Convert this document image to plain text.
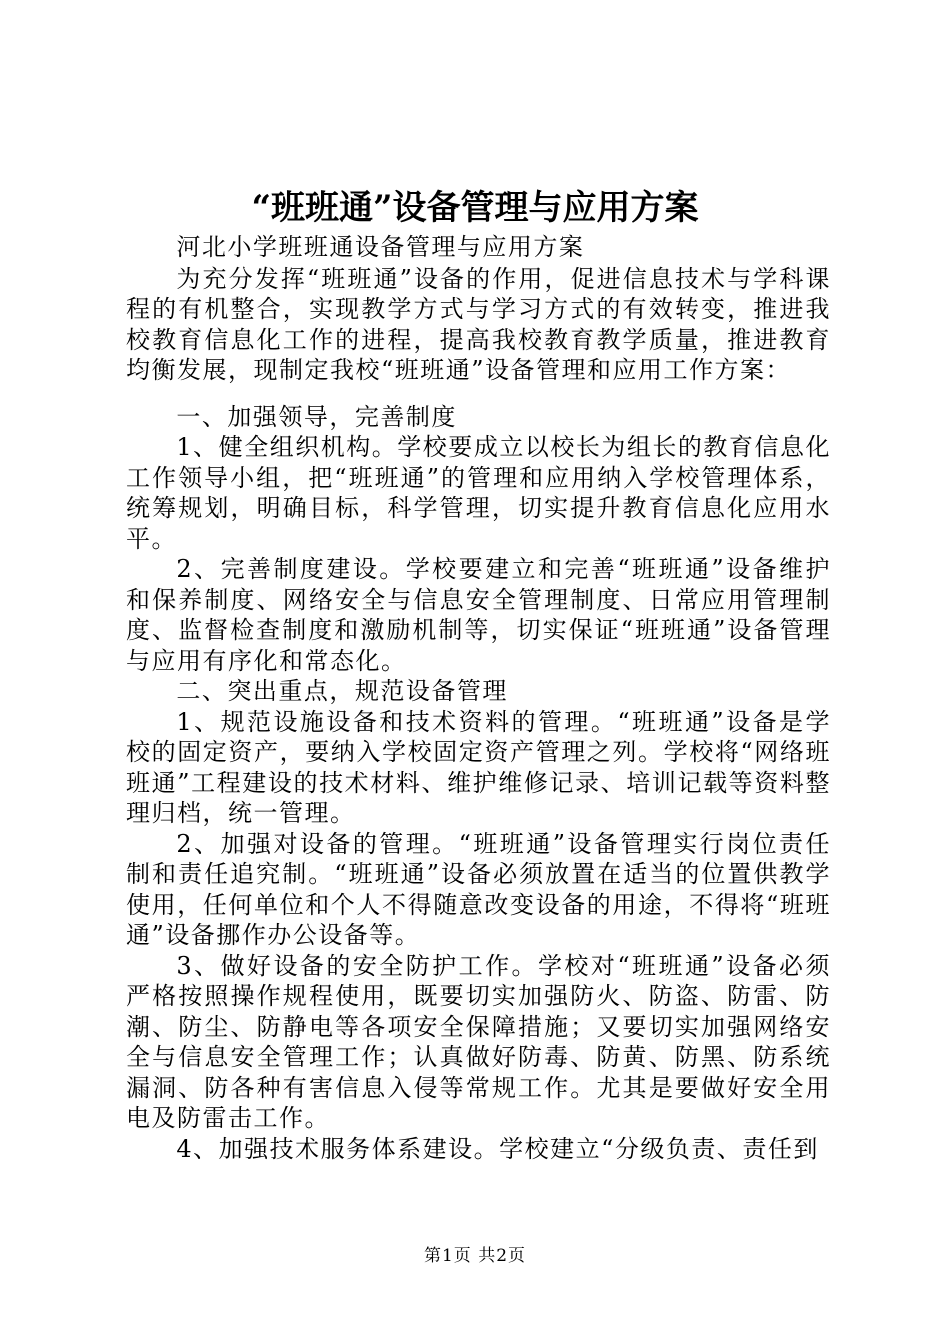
“班班通”设备管理与应用方案

河北小学班班通设备管理与应用方案

为充分发挥“班班通”设备的作用，促进信息技术与学科课程的有机整合，实现教学方式与学习方式的有效转变，推进我校教育信息化工作的进程，提高我校教育教学质量，推进教育均衡发展，现制定我校“班班通”设备管理和应用工作方案：

一、加强领导，完善制度

1、健全组织机构。学校要成立以校长为组长的教育信息化工作领导小组，把“班班通”的管理和应用纳入学校管理体系，统筹规划，明确目标，科学管理，切实提升教育信息化应用水平。

2、完善制度建设。学校要建立和完善“班班通”设备维护和保养制度、网络安全与信息安全管理制度、日常应用管理制度、监督检查制度和激励机制等，切实保证“班班通”设备管理与应用有序化和常态化。

二、突出重点，规范设备管理

1、规范设施设备和技术资料的管理。“班班通”设备是学校的固定资产，要纳入学校固定资产管理之列。学校将“网络班班通”工程建设的技术材料、维护维修记录、培训记载等资料整理归档，统一管理。

2、加强对设备的管理。“班班通”设备管理实行岗位责任制和责任追究制。“班班通”设备必须放置在适当的位置供教学使用，任何单位和个人不得随意改变设备的用途，不得将“班班通”设备挪作办公设备等。

3、做好设备的安全防护工作。学校对“班班通”设备必须严格按照操作规程使用，既要切实加强防火、防盗、防雷、防潮、防尘、防静电等各项安全保障措施；又要切实加强网络安全与信息安全管理工作；认真做好防毒、防黄、防黑、防系统漏洞、防各种有害信息入侵等常规工作。尤其是要做好安全用电及防雷击工作。

4、加强技术服务体系建设。学校建立“分级负责、责任到

第1页 共2页
